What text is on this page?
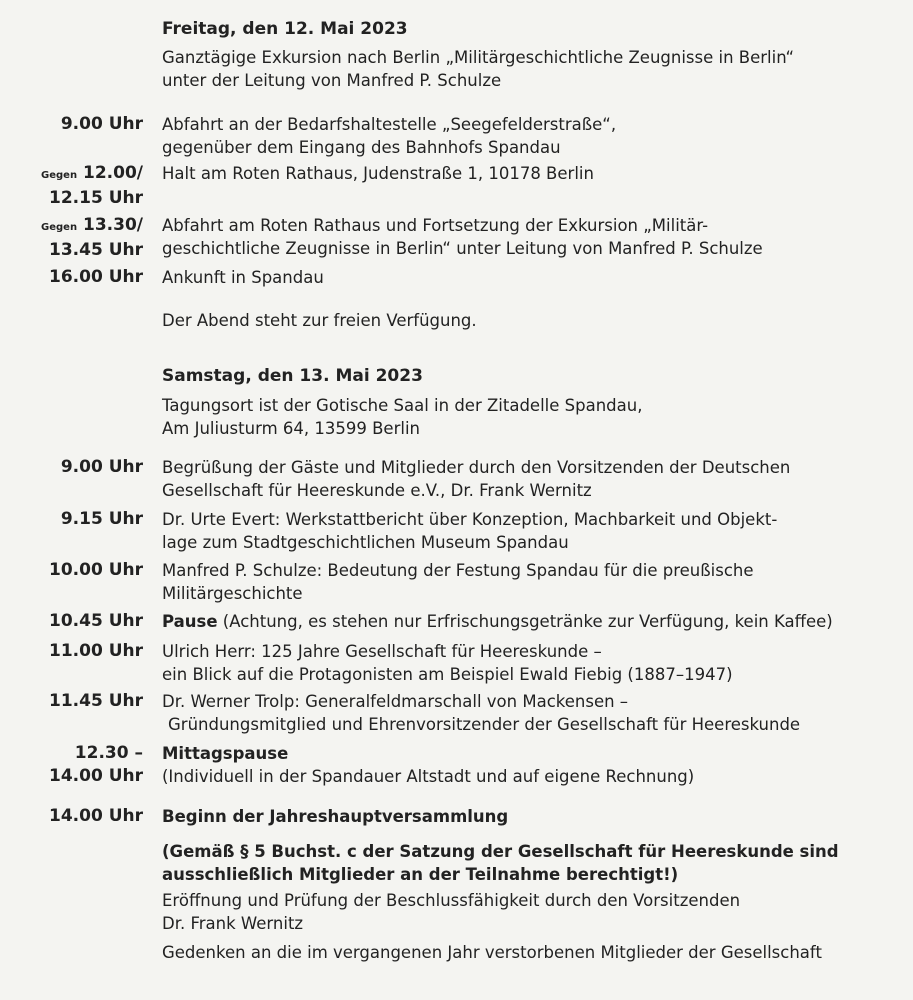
Freitag, den 12. Mai 2023
Ganztägige Exkursion nach Berlin „Militärgeschichtliche Zeugnisse in Berlin“
unter der Leitung von Manfred P. Schulze
9.00 Uhr Abfahrt an der Bedarfshaltestelle „Seegefelderstraße“,
gegenüber dem Eingang des Bahnhofs Spandau
Gegen 12.00/
12.15 Uhr
Halt am Roten Rathaus, Judenstraße 1, 10178 Berlin
Gegen 13.30/
13.45 Uhr
Abfahrt am Roten Rathaus und Fortsetzung der Exkursion „Militär-
geschichtliche Zeugnisse in Berlin“ unter Leitung von Manfred P. Schulze
16.00 Uhr Ankunft in Spandau
Der Abend steht zur freien Verfügung.
Samstag, den 13. Mai 2023
Tagungsort ist der Gotische Saal in der Zitadelle Spandau,
Am Juliusturm 64, 13599 Berlin
9.00 Uhr Begrüßung der Gäste und Mitglieder durch den Vorsitzenden der Deutschen
Gesellschaft für Heereskunde e.V., Dr. Frank Wernitz
9.15 Uhr Dr. Urte Evert: Werkstattbericht über Konzeption, Machbarkeit und Objekt-
lage zum Stadtgeschichtlichen Museum Spandau
10.00 Uhr Manfred P. Schulze: Bedeutung der Festung Spandau für die preußische
Militärgeschichte
10.45 Uhr Pause (Achtung, es stehen nur Erfrischungsgetränke zur Verfügung, kein Kaffee)
11.00 Uhr Ulrich Herr: 125 Jahre Gesellschaft für Heereskunde –
ein Blick auf die Protagonisten am Beispiel Ewald Fiebig (1887–1947)
11.45 Uhr Dr. Werner Trolp: Generalfeldmarschall von Mackensen –
Gründungsmitglied und Ehrenvorsitzender der Gesellschaft für Heereskunde
12.30 –
14.00 Uhr
Mittagspause
(Individuell in der Spandauer Altstadt und auf eigene Rechnung)
14.00 Uhr Beginn der Jahreshauptversammlung
(Gemäß § 5 Buchst. c der Satzung der Gesellschaft für Heereskunde sind
ausschließlich Mitglieder an der Teilnahme berechtigt!)
Eröffnung und Prüfung der Beschlussfähigkeit durch den Vorsitzenden
Dr. Frank Wernitz
Gedenken an die im vergangenen Jahr verstorbenen Mitglieder der Gesellschaft
